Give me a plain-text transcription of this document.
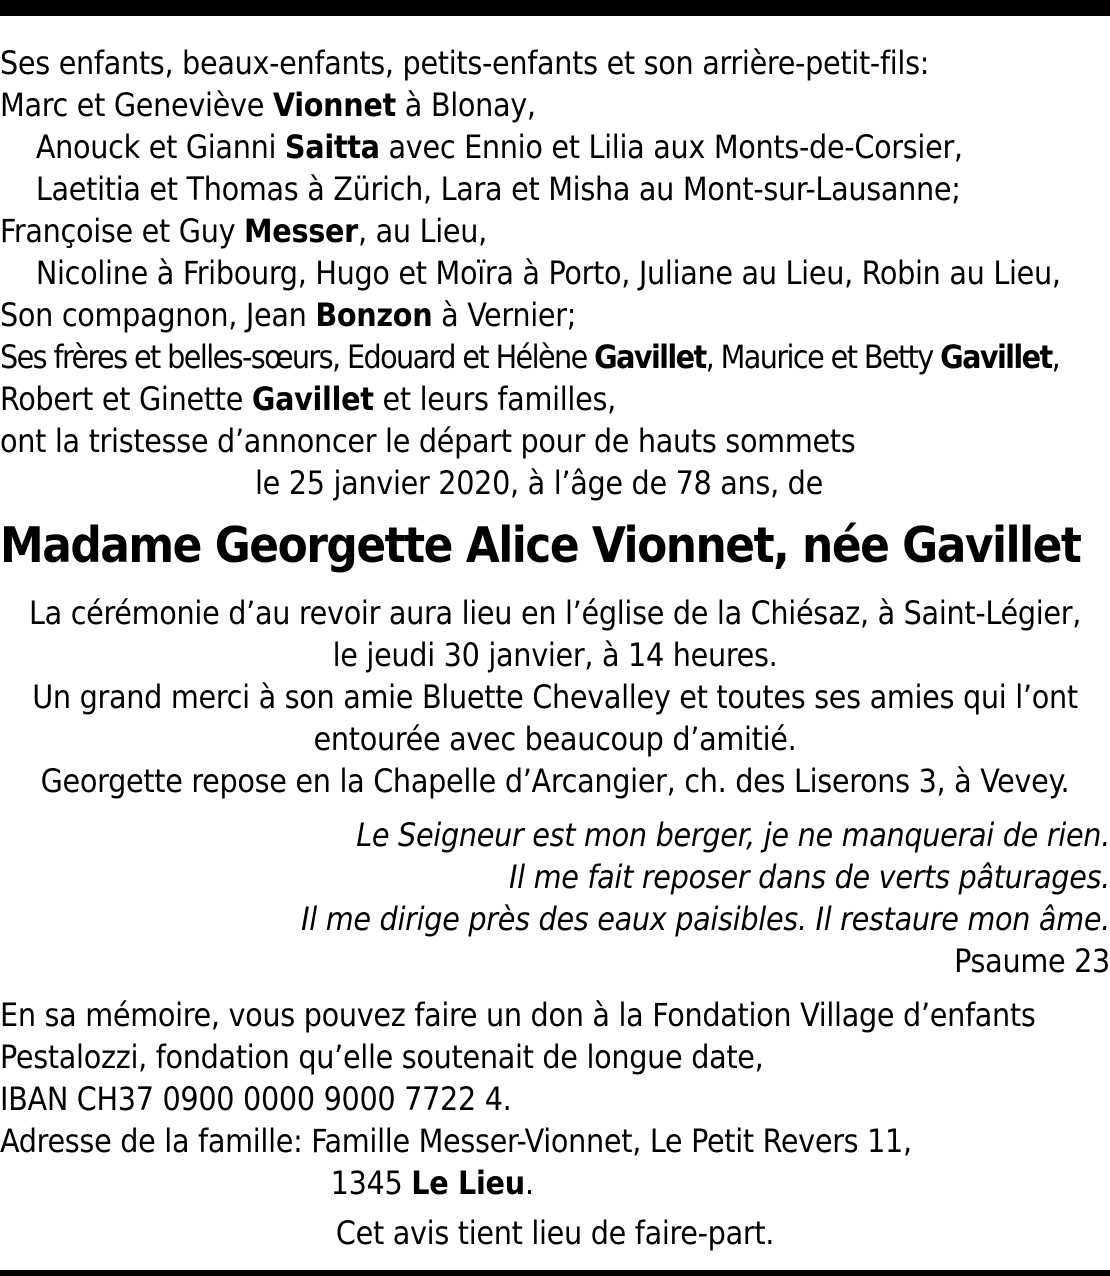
Ses enfants, beaux-enfants, petits-enfants et son arrière-petit-fils:

Marc et Geneviève Vionnet à Blonay,

Anouck et Gianni Saitta avec Ennio et Lilia aux Monts-de-Corsier,

Laetitia et Thomas à Zürich, Lara et Misha au Mont-sur-Lausanne;

Françoise et Guy Messer, au Lieu,

Nicoline à Fribourg, Hugo et Moïra à Porto, Juliane au Lieu, Robin au Lieu,

Son compagnon, Jean Bonzon à Vernier;

Ses frères et belles-sœurs, Edouard et Hélène Gavillet, Maurice et Betty Gavillet,

Robert et Ginette Gavillet et leurs familles,

ont la tristesse d’annoncer le départ pour de hauts sommets

le 25 janvier 2020, à l’âge de 78 ans, de

Madame Georgette Alice Vionnet, née Gavillet

La cérémonie d’au revoir aura lieu en l’église de la Chiésaz, à Saint-Légier,

le jeudi 30 janvier, à 14 heures.

Un grand merci à son amie Bluette Chevalley et toutes ses amies qui l’ont

entourée avec beaucoup d’amitié.

Georgette repose en la Chapelle d’Arcangier, ch. des Liserons 3, à Vevey.

Le Seigneur est mon berger, je ne manquerai de rien.

Il me fait reposer dans de verts pâturages.

Il me dirige près des eaux paisibles. Il restaure mon âme.

Psaume 23

En sa mémoire, vous pouvez faire un don à la Fondation Village d’enfants

Pestalozzi, fondation qu’elle soutenait de longue date,

IBAN CH37 0900 0000 9000 7722 4.

Adresse de la famille: Famille Messer-Vionnet, Le Petit Revers 11,

1345 Le Lieu.

Cet avis tient lieu de faire-part.
